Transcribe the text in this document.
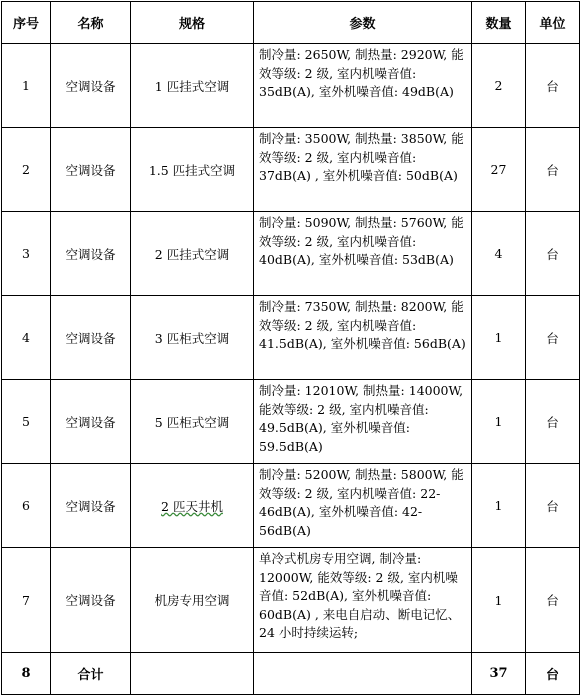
序号	名称	规格	参数	数量	单位
1	空调设备	1 匹挂式空调	制冷量: 2650W, 制热量: 2920W, 能效等级: 2 级, 室内机噪音值: 35dB(A), 室外机噪音值: 49dB(A)	2	台
2	空调设备	1.5 匹挂式空调	制冷量: 3500W, 制热量: 3850W, 能效等级: 2 级, 室内机噪音值: 37dB(A) , 室外机噪音值: 50dB(A)	27	台
3	空调设备	2 匹挂式空调	制冷量: 5090W, 制热量: 5760W, 能效等级: 2 级, 室内机噪音值: 40dB(A), 室外机噪音值: 53dB(A)	4	台
4	空调设备	3 匹柜式空调	制冷量: 7350W, 制热量: 8200W, 能效等级: 2 级, 室内机噪音值: 41.5dB(A), 室外机噪音值: 56dB(A)	1	台
5	空调设备	5 匹柜式空调	制冷量: 12010W, 制热量: 14000W, 能效等级: 2 级, 室内机噪音值: 49.5dB(A), 室外机噪音值: 59.5dB(A)	1	台
6	空调设备	2 匹天井机	制冷量: 5200W, 制热量: 5800W, 能效等级: 2 级, 室内机噪音值: 22-46dB(A), 室外机噪音值: 42-56dB(A)	1	台
7	空调设备	机房专用空调	单冷式机房专用空调, 制冷量: 12000W, 能效等级: 2 级, 室内机噪音值: 52dB(A), 室外机噪音值: 60dB(A) , 来电自启动、断电记忆、24 小时持续运转;	1	台
8	合计			37	台
